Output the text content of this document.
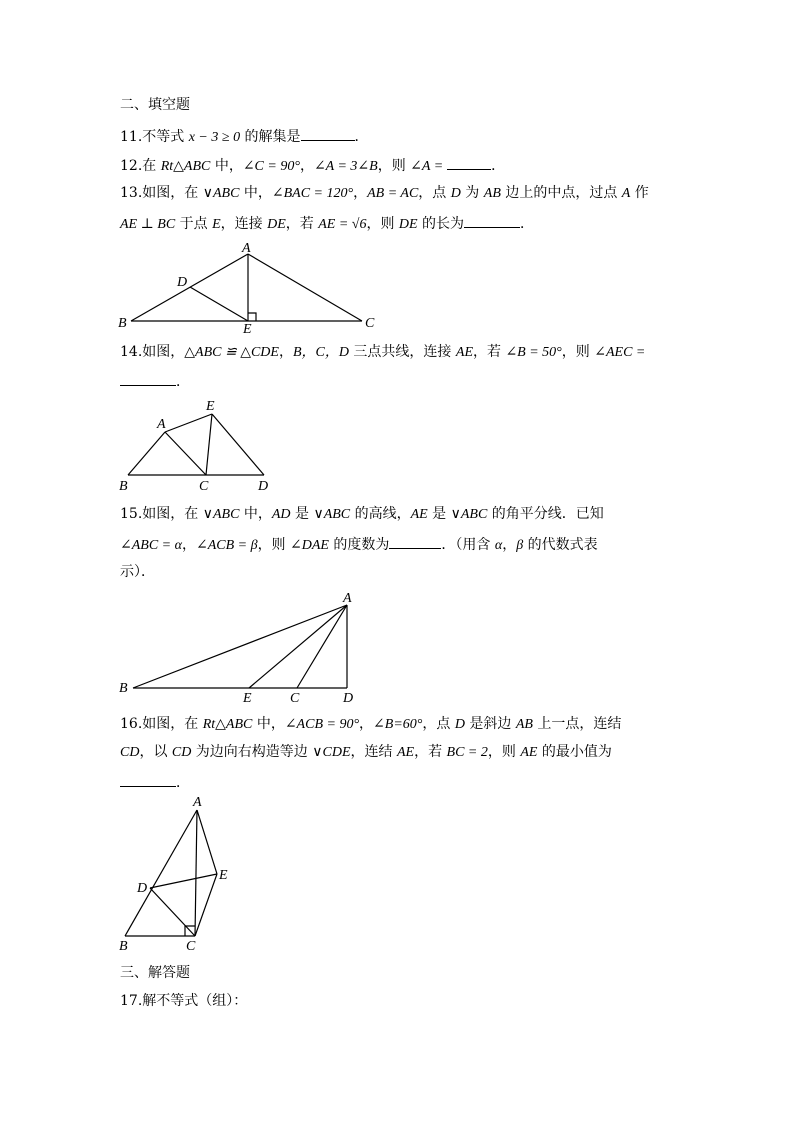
二、填空题
11.不等式 x − 3 ≥ 0 的解集是	．
12.在 Rt△ABC 中，∠C = 90°，∠A = 3∠B，则 ∠A =	．
13.如图，在 ∨ABC 中，∠BAC = 120°，AB = AC，点 D 为 AB 边上的中点，过点 A 作
AE ⊥ BC 于点 E，连接 DE，若 AE = √6，则 DE 的长为	．
14.如图，△ABC ≌ △CDE，B，C，D 三点共线，连接 AE，若 ∠B = 50°，则 ∠AEC =
．
15.如图，在 ∨ABC 中，AD 是 ∨ABC 的高线，AE 是 ∨ABC 的角平分线．已知
∠ABC = α，∠ACB = β，则 ∠DAE 的度数为	．（用含 α，β 的代数式表
示）．
16.如图，在 Rt△ABC 中，∠ACB = 90°，∠B=60°，点 D 是斜边 AB 上一点，连结
CD，以 CD 为边向右构造等边 ∨CDE，连结 AE，若 BC = 2，则 AE 的最小值为
．
三、解答题
17.解不等式（组）：
A
B	C
D
E
A
B	C	D
E
A
B
C	D
E
A
B	C
D
E
